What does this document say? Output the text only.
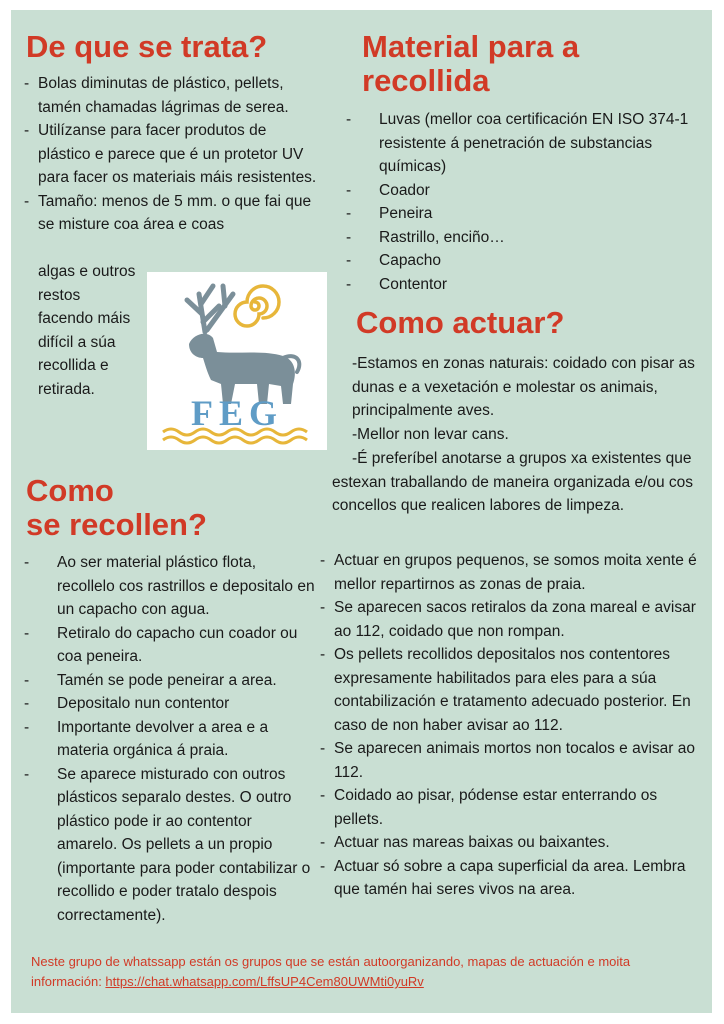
De que se trata?
- Bolas diminutas de plástico, pellets, tamén chamadas lágrimas de serea.
- Utilízanse para facer produtos de plástico e parece que é un protetor UV para facer os materiais máis resistentes.
- Tamaño: menos de 5 mm. o que fai que se misture coa área e coas
algas e outros
restos
facendo máis
difícil a súa
recollida e
retirada.
FEG
Material para a
recollida
- Luvas (mellor coa certificación EN ISO 374-1 resistente á penetración de substancias químicas)
- Coador
- Peneira
- Rastrillo, enciño…
- Capacho
- Contentor
Como actuar?
-Estamos en zonas naturais: coidado con pisar as dunas e a vexetación e molestar os animais, principalmente aves.
-Mellor non levar cans.
-É preferíbel anotarse a grupos xa existentes que estexan traballando de maneira organizada e/ou cos concellos que realicen labores de limpeza.
- Actuar en grupos pequenos, se somos moita xente é mellor repartirnos as zonas de praia.
- Se aparecen sacos retiralos da zona mareal e avisar ao 112, coidado que non rompan.
- Os pellets recollidos depositalos nos contentores expresamente habilitados para eles para a súa contabilización e tratamento adecuado posterior. En caso de non haber avisar ao 112.
- Se aparecen animais mortos non tocalos e avisar ao 112.
- Coidado ao pisar, pódense estar enterrando os pellets.
- Actuar nas mareas baixas ou baixantes.
- Actuar só sobre a capa superficial da area. Lembra que tamén hai seres vivos na area.
Como
se recollen?
- Ao ser material plástico flota, recollelo cos rastrillos e depositalo en un capacho con agua.
- Retiralo do capacho cun coador ou coa peneira.
- Tamén se pode peneirar a area.
- Depositalo nun contentor
- Importante devolver a area e a materia orgánica á praia.
- Se aparece misturado con outros plásticos separalo destes. O outro plástico pode ir ao contentor amarelo. Os pellets a un propio (importante para poder contabilizar o recollido e poder tratalo despois correctamente).
Neste grupo de whatssapp están os grupos que se están autoorganizando, mapas de actuación e moita información: https://chat.whatsapp.com/LffsUP4Cem80UWMti0yuRv
